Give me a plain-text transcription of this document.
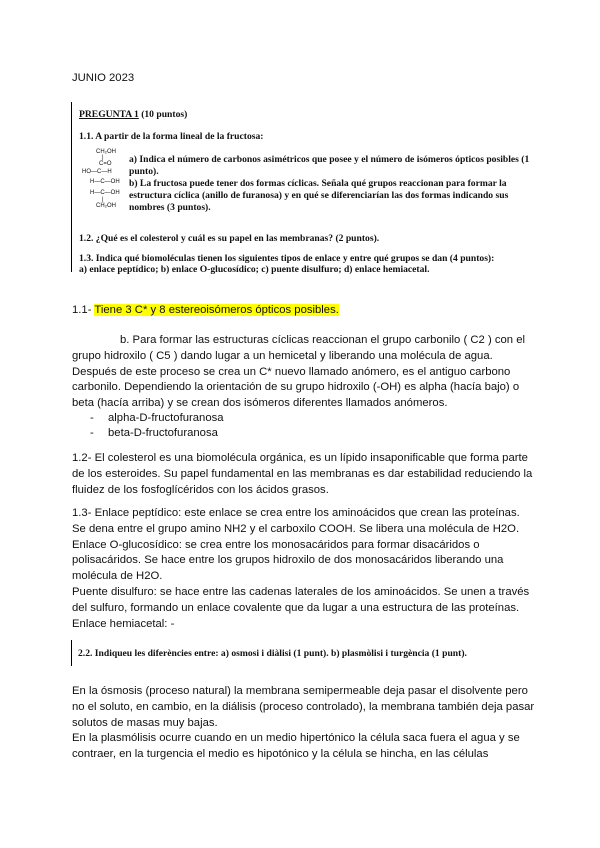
JUNIO 2023
PREGUNTA 1 (10 puntos)
1.1. A partir de la forma lineal de la fructosa:
CH₂OH
|
C=O
HO—C—H
H—C—OH
H—C—OH
|
CH₂OH
a) Indica el número de carbonos asimétricos que posee y el número de isómeros ópticos posibles (1
punto).
b) La fructosa puede tener dos formas cíclicas. Señala qué grupos reaccionan para formar la
estructura cíclica (anillo de furanosa) y en qué se diferenciarían las dos formas indicando sus
nombres (3 puntos).
1.2. ¿Qué es el colesterol y cuál es su papel en las membranas? (2 puntos).
1.3. Indica qué biomoléculas tienen los siguientes tipos de enlace y entre qué grupos se dan (4 puntos):
a) enlace peptídico; b) enlace O-glucosídico; c) puente disulfuro; d) enlace hemiacetal.
1.1- Tiene 3 C* y 8 estereoisómeros ópticos posibles.
b. Para formar las estructuras cíclicas reaccionan el grupo carbonilo ( C2 ) con el
grupo hidroxilo ( C5 ) dando lugar a un hemicetal y liberando una molécula de agua.
Después de este proceso se crea un C* nuevo llamado anómero, es el antiguo carbono
carbonilo. Dependiendo la orientación de su grupo hidroxilo (-OH) es alpha (hacía bajo) o
beta (hacía arriba) y se crean dos isómeros diferentes llamados anómeros.
- alpha-D-fructofuranosa
- beta-D-fructofuranosa
1.2- El colesterol es una biomolécula orgánica, es un lípido insaponificable que forma parte
de los esteroides. Su papel fundamental en las membranas es dar estabilidad reduciendo la
fluidez de los fosfoglícéridos con los ácidos grasos.
1.3- Enlace peptídico: este enlace se crea entre los aminoácidos que crean las proteínas.
Se dena entre el grupo amino NH2 y el carboxilo COOH. Se libera una molécula de H2O.
Enlace O-glucosídico: se crea entre los monosacáridos para formar disacáridos o
polisacáridos. Se hace entre los grupos hidroxilo de dos monosacáridos liberando una
molécula de H2O.
Puente disulfuro: se hace entre las cadenas laterales de los aminoácidos. Se unen a través
del sulfuro, formando un enlace covalente que da lugar a una estructura de las proteínas.
Enlace hemiacetal: -
2.2. Indiqueu les diferències entre: a) osmosi i diàlisi (1 punt). b) plasmòlisi i turgència (1 punt).
En la ósmosis (proceso natural) la membrana semipermeable deja pasar el disolvente pero
no el soluto, en cambio, en la diálisis (proceso controlado), la membrana también deja pasar
solutos de masas muy bajas.
En la plasmólisis ocurre cuando en un medio hipertónico la célula saca fuera el agua y se
contraer, en la turgencia el medio es hipotónico y la célula se hincha, en las células
